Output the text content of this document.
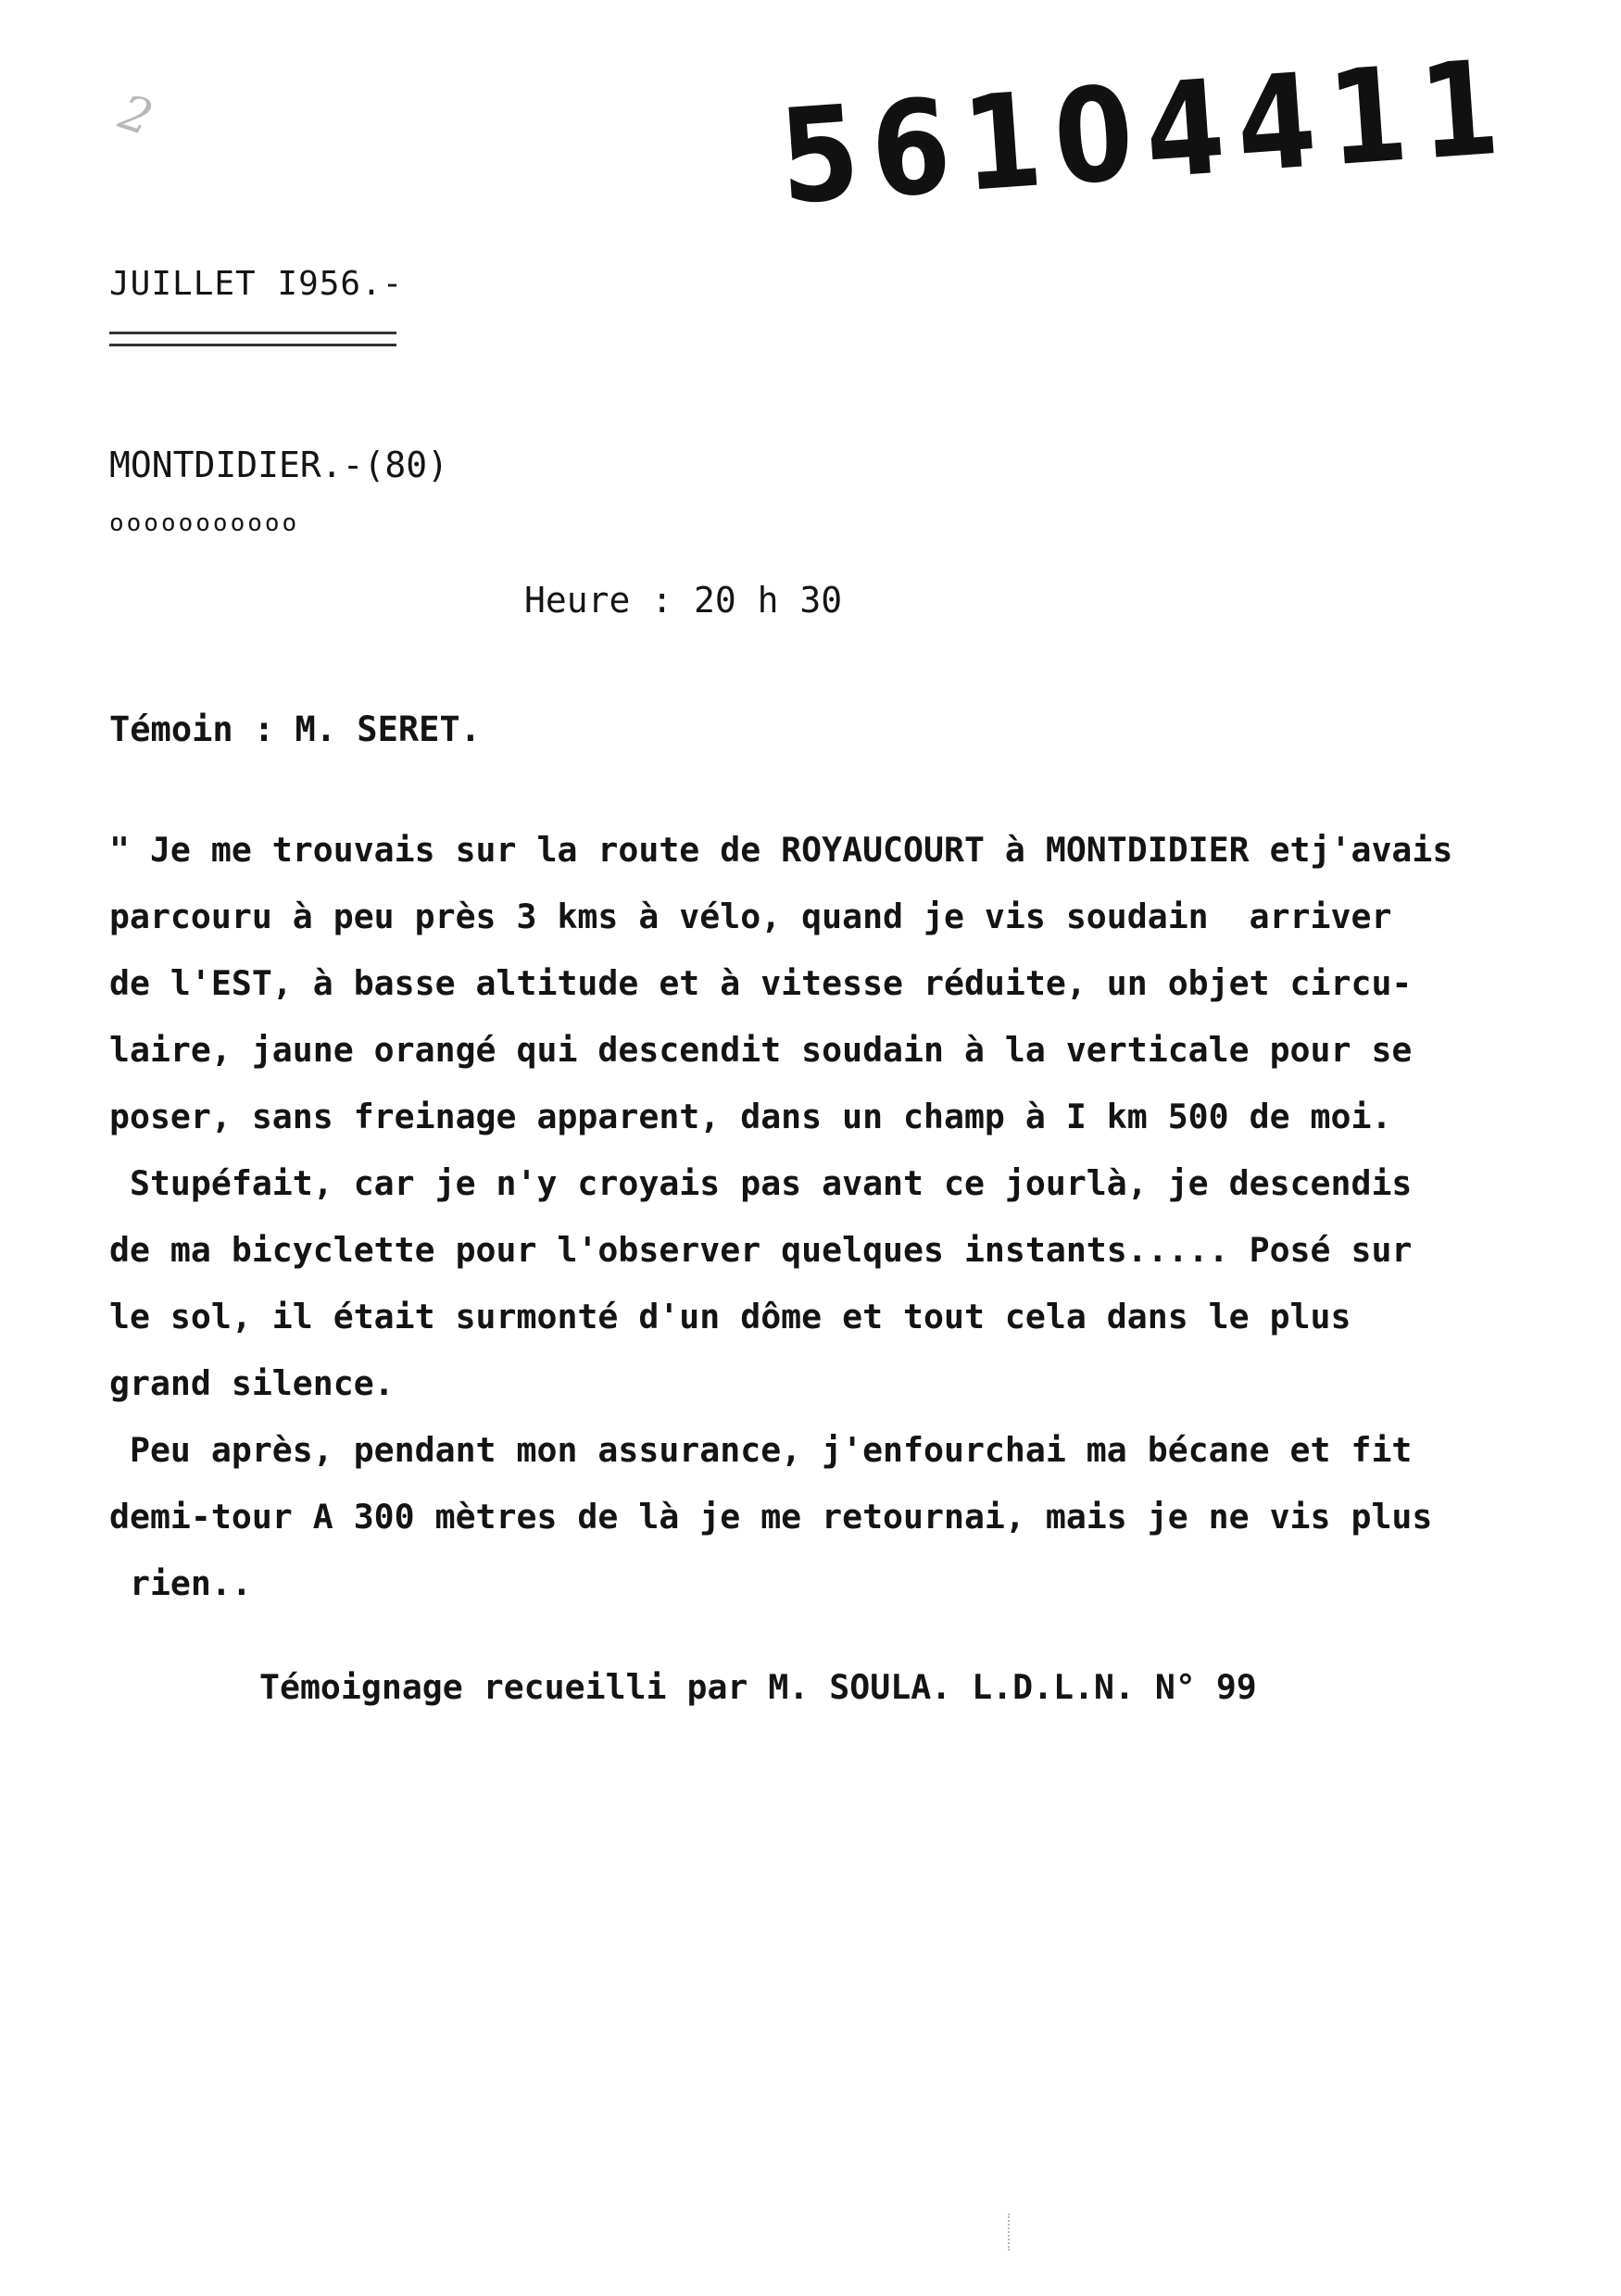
2	56104411
JUILLET I956.-
MONTDIDIER.-(80)
ooooooooooo
Heure : 20 h 30
Témoin : M. SERET.
" Je me trouvais sur la route de ROYAUCOURT à MONTDIDIER etj'avais
parcouru à peu près 3 kms à vélo, quand je vis soudain  arriver
de l'EST, à basse altitude et à vitesse réduite, un objet circu-
laire, jaune orangé qui descendit soudain à la verticale pour se
poser, sans freinage apparent, dans un champ à I km 500 de moi.
Stupéfait, car je n'y croyais pas avant ce jourlà, je descendis
de ma bicyclette pour l'observer quelques instants..... Posé sur
le sol, il était surmonté d'un dôme et tout cela dans le plus
grand silence.
Peu après, pendant mon assurance, j'enfourchai ma bécane et fit
demi-tour A 300 mètres de là je me retournai, mais je ne vis plus
rien..
Témoignage recueilli par M. SOULA. L.D.L.N. N° 99
